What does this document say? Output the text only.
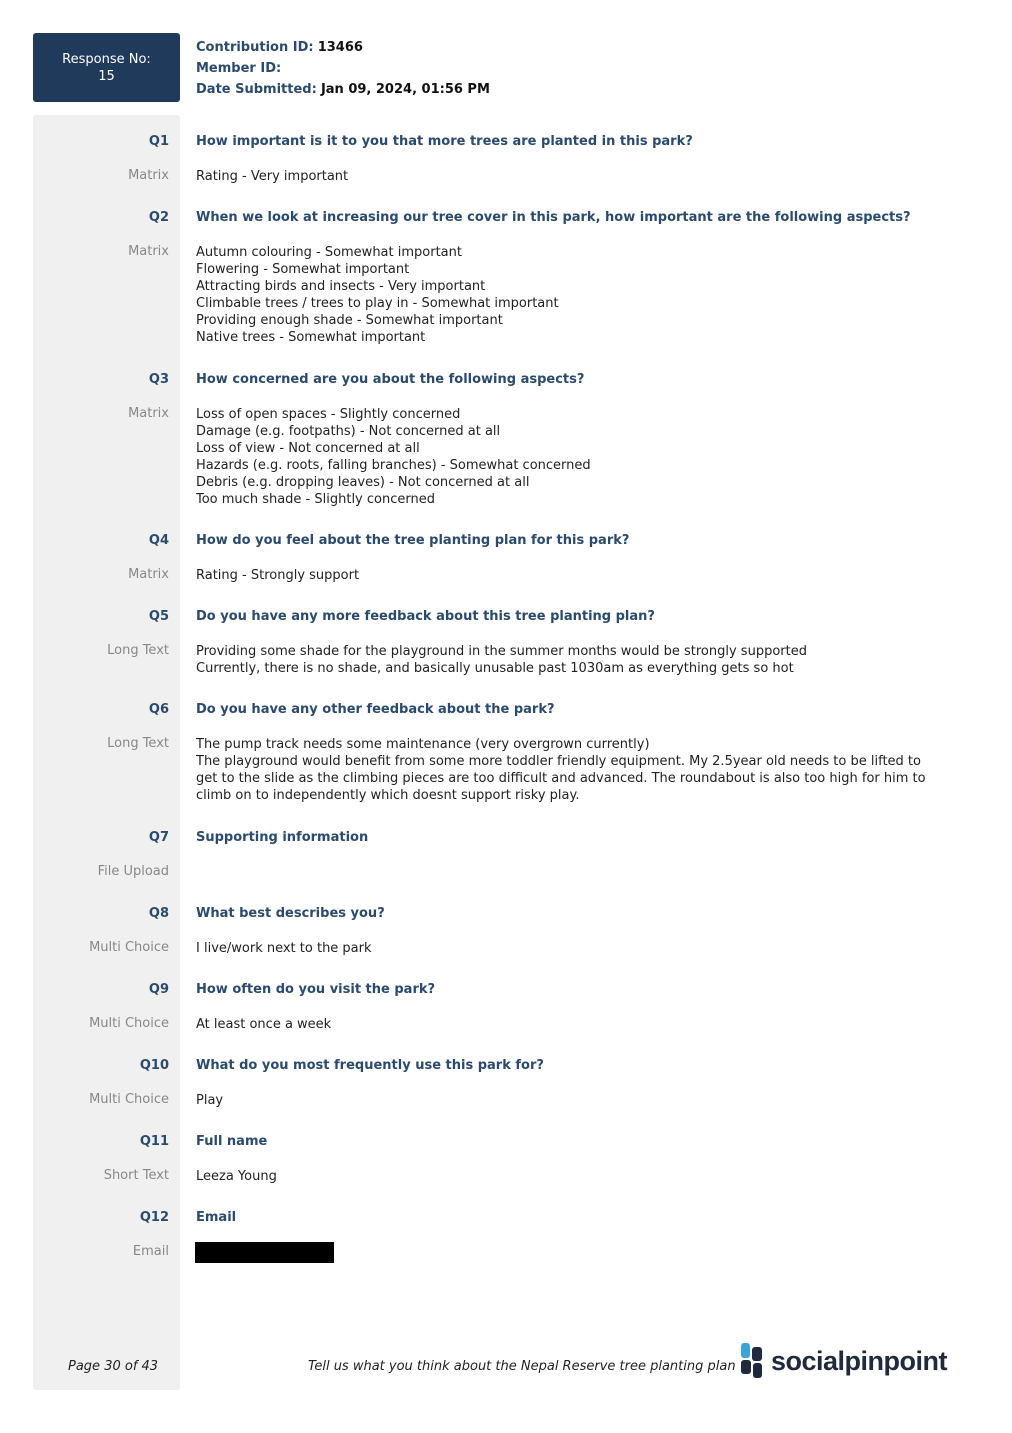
Response No:
15
Contribution ID: 13466
Member ID:
Date Submitted: Jan 09, 2024, 01:56 PM
Q1 How important is it to you that more trees are planted in this park?
Matrix Rating - Very important
Q2 When we look at increasing our tree cover in this park, how important are the following aspects?
Matrix Autumn colouring - Somewhat important
Flowering - Somewhat important
Attracting birds and insects - Very important
Climbable trees / trees to play in - Somewhat important
Providing enough shade - Somewhat important
Native trees - Somewhat important
Q3 How concerned are you about the following aspects?
Matrix Loss of open spaces - Slightly concerned
Damage (e.g. footpaths) - Not concerned at all
Loss of view - Not concerned at all
Hazards (e.g. roots, falling branches) - Somewhat concerned
Debris (e.g. dropping leaves) - Not concerned at all
Too much shade - Slightly concerned
Q4 How do you feel about the tree planting plan for this park?
Matrix Rating - Strongly support
Q5 Do you have any more feedback about this tree planting plan?
Long Text Providing some shade for the playground in the summer months would be strongly supported
Currently, there is no shade, and basically unusable past 1030am as everything gets so hot
Q6 Do you have any other feedback about the park?
Long Text The pump track needs some maintenance (very overgrown currently)
The playground would benefit from some more toddler friendly equipment. My 2.5year old needs to be lifted to get to the slide as the climbing pieces are too difficult and advanced. The roundabout is also too high for him to climb on to independently which doesnt support risky play.
Q7 Supporting information
File Upload
Q8 What best describes you?
Multi Choice I live/work next to the park
Q9 How often do you visit the park?
Multi Choice At least once a week
Q10 What do you most frequently use this park for?
Multi Choice Play
Q11 Full name
Short Text Leeza Young
Q12 Email
Email
Page 30 of 43	Tell us what you think about the Nepal Reserve tree planting plan socialpinpoint
